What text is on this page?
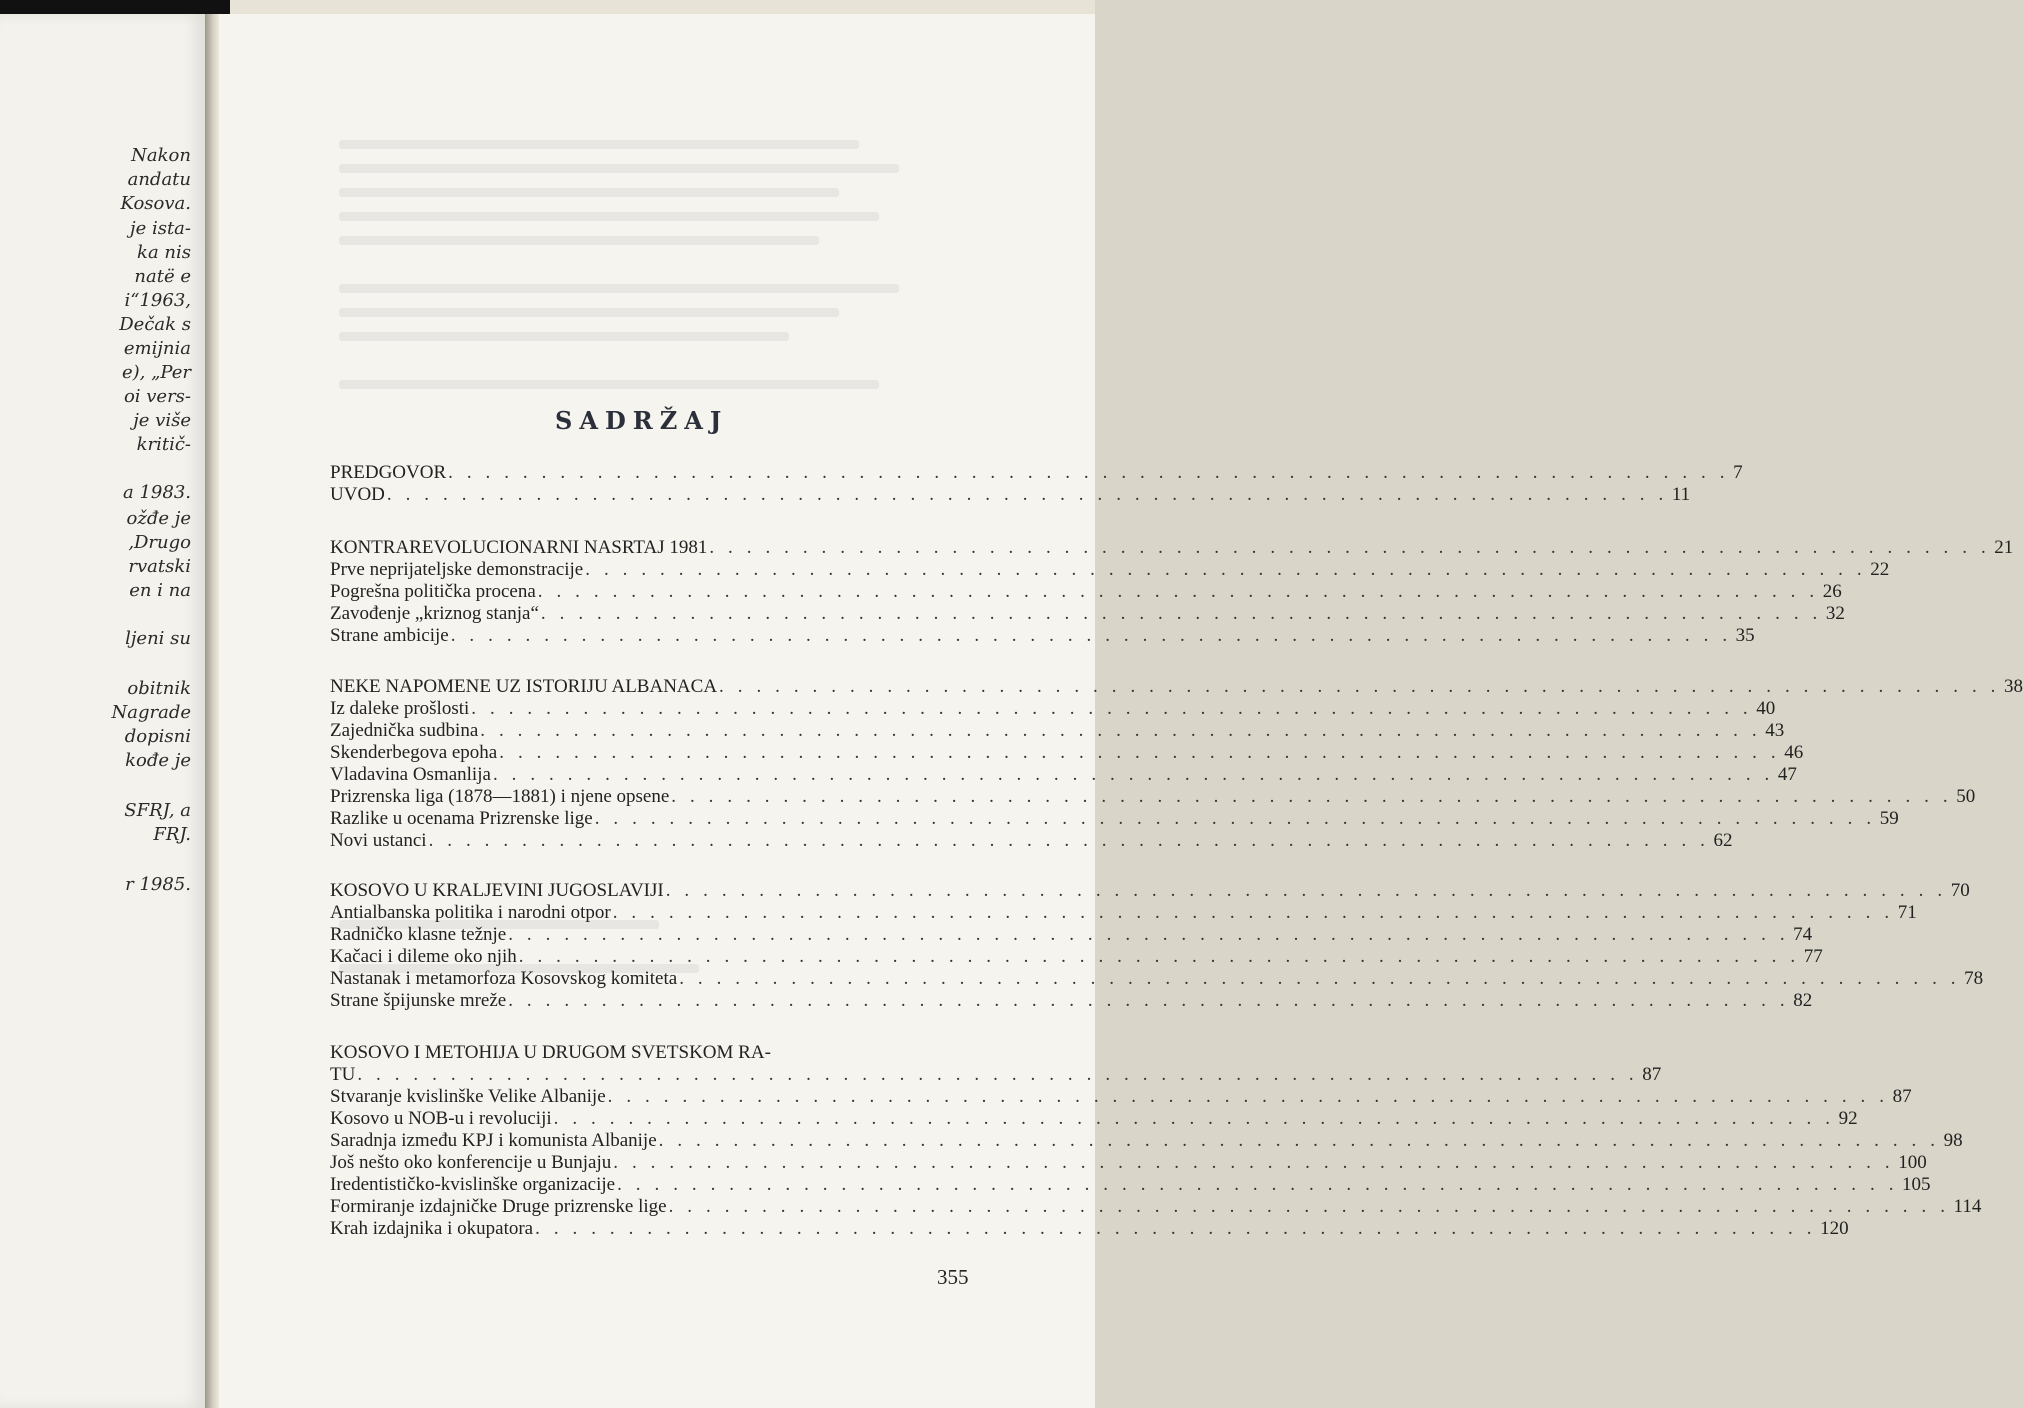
Nakon
andatu
Kosova.
je ista-
ka nis
natë e
i“1963,
Dečak s
emijnia
e), „Per
oi vers-
je više
kritič-
a 1983.
ožđe je
‚Drugo
rvatski
en i na
ljeni su
obitnik
Nagrade
dopisni
kođe je
SFRJ, a
FRJ.
r 1985.
SADRŽAJ
PREDGOVOR . . . . . . . . . . . . . . . . . . . . . . . . . . . . . . . . . . . . . . . . . . . . . . . . . . . . . . . . . . . . . . . . . . . . . 7
UVOD . . . . . . . . . . . . . . . . . . . . . . . . . . . . . . . . . . . . . . . . . . . . . . . . . . . . . . . . . . . . . . . . . . . . . 11
KONTRAREVOLUCIONARNI NASRTAJ 1981 . . . . . . . . . . . . . . . . . . . . . . . . . . . . . . . . . . . . . . . . . . . . . . . . . . . . . . . . . . . . . . . . . . . . . 21
Prve neprijateljske demonstracije . . . . . . . . . . . . . . . . . . . . . . . . . . . . . . . . . . . . . . . . . . . . . . . . . . . . . . . . . . . . . . . . . . . . . 22
Pogrešna politička procena . . . . . . . . . . . . . . . . . . . . . . . . . . . . . . . . . . . . . . . . . . . . . . . . . . . . . . . . . . . . . . . . . . . . . 26
Zavođenje „kriznog stanja“ . . . . . . . . . . . . . . . . . . . . . . . . . . . . . . . . . . . . . . . . . . . . . . . . . . . . . . . . . . . . . . . . . . . . . 32
Strane ambicije . . . . . . . . . . . . . . . . . . . . . . . . . . . . . . . . . . . . . . . . . . . . . . . . . . . . . . . . . . . . . . . . . . . . . 35
NEKE NAPOMENE UZ ISTORIJU ALBANACA . . . . . . . . . . . . . . . . . . . . . . . . . . . . . . . . . . . . . . . . . . . . . . . . . . . . . . . . . . . . . . . . . . . . . 38
Iz daleke prošlosti . . . . . . . . . . . . . . . . . . . . . . . . . . . . . . . . . . . . . . . . . . . . . . . . . . . . . . . . . . . . . . . . . . . . . 40
Zajednička sudbina . . . . . . . . . . . . . . . . . . . . . . . . . . . . . . . . . . . . . . . . . . . . . . . . . . . . . . . . . . . . . . . . . . . . . 43
Skenderbegova epoha . . . . . . . . . . . . . . . . . . . . . . . . . . . . . . . . . . . . . . . . . . . . . . . . . . . . . . . . . . . . . . . . . . . . . 46
Vladavina Osmanlija . . . . . . . . . . . . . . . . . . . . . . . . . . . . . . . . . . . . . . . . . . . . . . . . . . . . . . . . . . . . . . . . . . . . . 47
Prizrenska liga (1878—1881) i njene opsene . . . . . . . . . . . . . . . . . . . . . . . . . . . . . . . . . . . . . . . . . . . . . . . . . . . . . . . . . . . . . . . . . . . . . 50
Razlike u ocenama Prizrenske lige . . . . . . . . . . . . . . . . . . . . . . . . . . . . . . . . . . . . . . . . . . . . . . . . . . . . . . . . . . . . . . . . . . . . . 59
Novi ustanci . . . . . . . . . . . . . . . . . . . . . . . . . . . . . . . . . . . . . . . . . . . . . . . . . . . . . . . . . . . . . . . . . . . . . 62
KOSOVO U KRALJEVINI JUGOSLAVIJI . . . . . . . . . . . . . . . . . . . . . . . . . . . . . . . . . . . . . . . . . . . . . . . . . . . . . . . . . . . . . . . . . . . . . 70
Antialbanska politika i narodni otpor . . . . . . . . . . . . . . . . . . . . . . . . . . . . . . . . . . . . . . . . . . . . . . . . . . . . . . . . . . . . . . . . . . . . . 71
Radničko klasne težnje . . . . . . . . . . . . . . . . . . . . . . . . . . . . . . . . . . . . . . . . . . . . . . . . . . . . . . . . . . . . . . . . . . . . . 74
Kačaci i dileme oko njih . . . . . . . . . . . . . . . . . . . . . . . . . . . . . . . . . . . . . . . . . . . . . . . . . . . . . . . . . . . . . . . . . . . . . 77
Nastanak i metamorfoza Kosovskog komiteta . . . . . . . . . . . . . . . . . . . . . . . . . . . . . . . . . . . . . . . . . . . . . . . . . . . . . . . . . . . . . . . . . . . . . 78
Strane špijunske mreže . . . . . . . . . . . . . . . . . . . . . . . . . . . . . . . . . . . . . . . . . . . . . . . . . . . . . . . . . . . . . . . . . . . . . 82
KOSOVO I METOHIJA U DRUGOM SVETSKOM RA-
TU . . . . . . . . . . . . . . . . . . . . . . . . . . . . . . . . . . . . . . . . . . . . . . . . . . . . . . . . . . . . . . . . . . . . . 87
Stvaranje kvislinške Velike Albanije . . . . . . . . . . . . . . . . . . . . . . . . . . . . . . . . . . . . . . . . . . . . . . . . . . . . . . . . . . . . . . . . . . . . . 87
Kosovo u NOB-u i revoluciji . . . . . . . . . . . . . . . . . . . . . . . . . . . . . . . . . . . . . . . . . . . . . . . . . . . . . . . . . . . . . . . . . . . . . 92
Saradnja između KPJ i komunista Albanije . . . . . . . . . . . . . . . . . . . . . . . . . . . . . . . . . . . . . . . . . . . . . . . . . . . . . . . . . . . . . . . . . . . . . 98
Još nešto oko konferencije u Bunjaju . . . . . . . . . . . . . . . . . . . . . . . . . . . . . . . . . . . . . . . . . . . . . . . . . . . . . . . . . . . . . . . . . . . . . 100
Iredentističko-kvislinške organizacije . . . . . . . . . . . . . . . . . . . . . . . . . . . . . . . . . . . . . . . . . . . . . . . . . . . . . . . . . . . . . . . . . . . . . 105
Formiranje izdajničke Druge prizrenske lige . . . . . . . . . . . . . . . . . . . . . . . . . . . . . . . . . . . . . . . . . . . . . . . . . . . . . . . . . . . . . . . . . . . . . 114
Krah izdajnika i okupatora . . . . . . . . . . . . . . . . . . . . . . . . . . . . . . . . . . . . . . . . . . . . . . . . . . . . . . . . . . . . . . . . . . . . . 120
355
